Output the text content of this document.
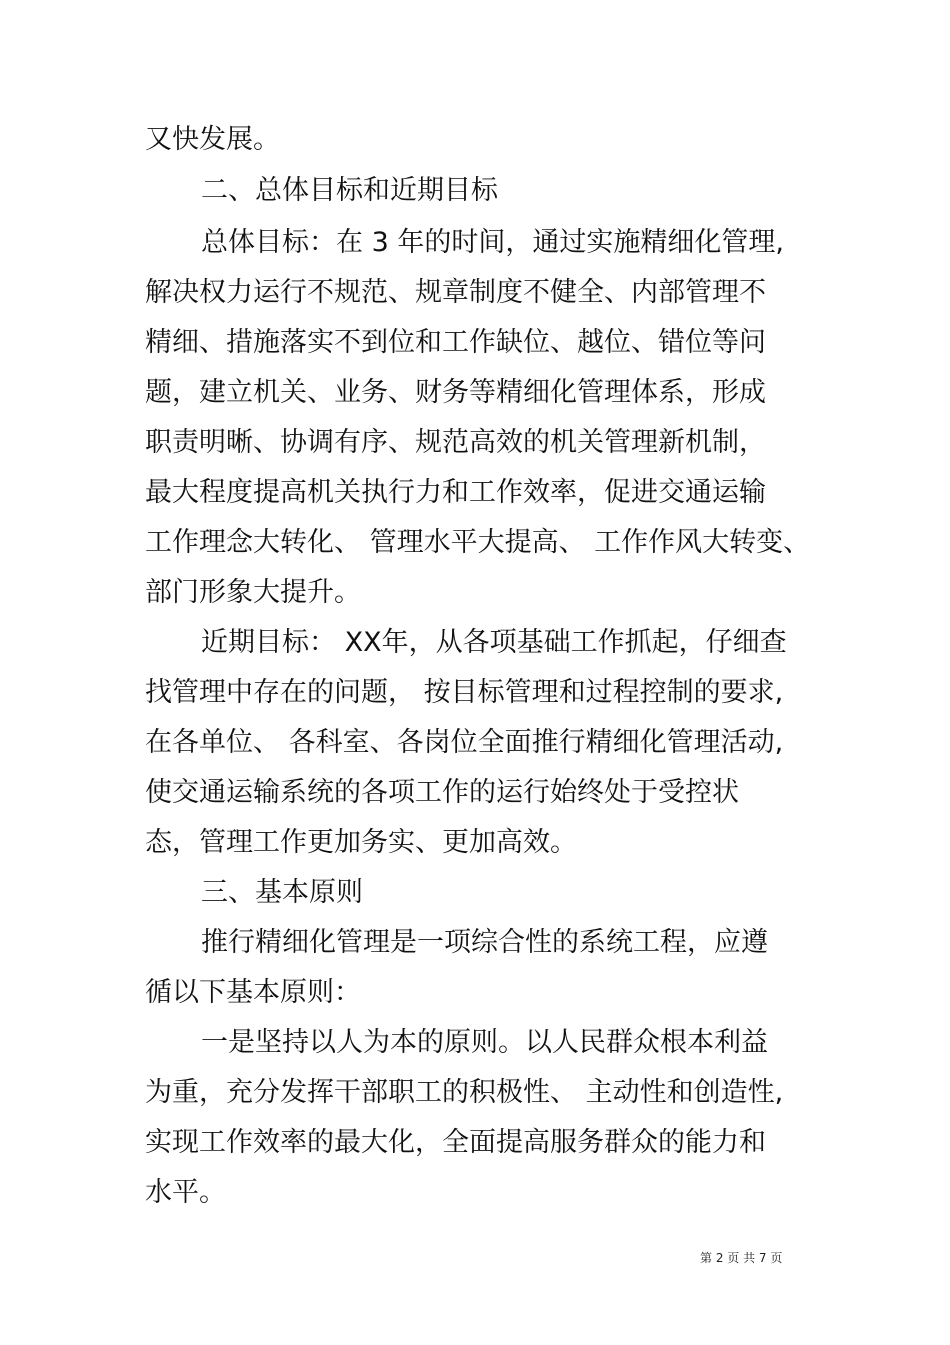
又快发展。
二、总体目标和近期目标
总体目标：在 3 年的时间，通过实施精细化管理,
解决权力运行不规范、规章制度不健全、内部管理不
精细、措施落实不到位和工作缺位、越位、错位等问
题，建立机关、业务、财务等精细化管理体系，形成
职责明晰、协调有序、规范高效的机关管理新机制，
最大程度提高机关执行力和工作效率，促进交通运输
工作理念大转化、 管理水平大提高、 工作作风大转变、
部门形象大提升。
近期目标： XX年，从各项基础工作抓起，仔细查
找管理中存在的问题， 按目标管理和过程控制的要求,
在各单位、 各科室、各岗位全面推行精细化管理活动,
使交通运输系统的各项工作的运行始终处于受控状
态，管理工作更加务实、更加高效。
三、基本原则
推行精细化管理是一项综合性的系统工程，应遵
循以下基本原则：
一是坚持以人为本的原则。以人民群众根本利益
为重，充分发挥干部职工的积极性、 主动性和创造性,
实现工作效率的最大化，全面提高服务群众的能力和
水平。
第 2 页 共 7 页
